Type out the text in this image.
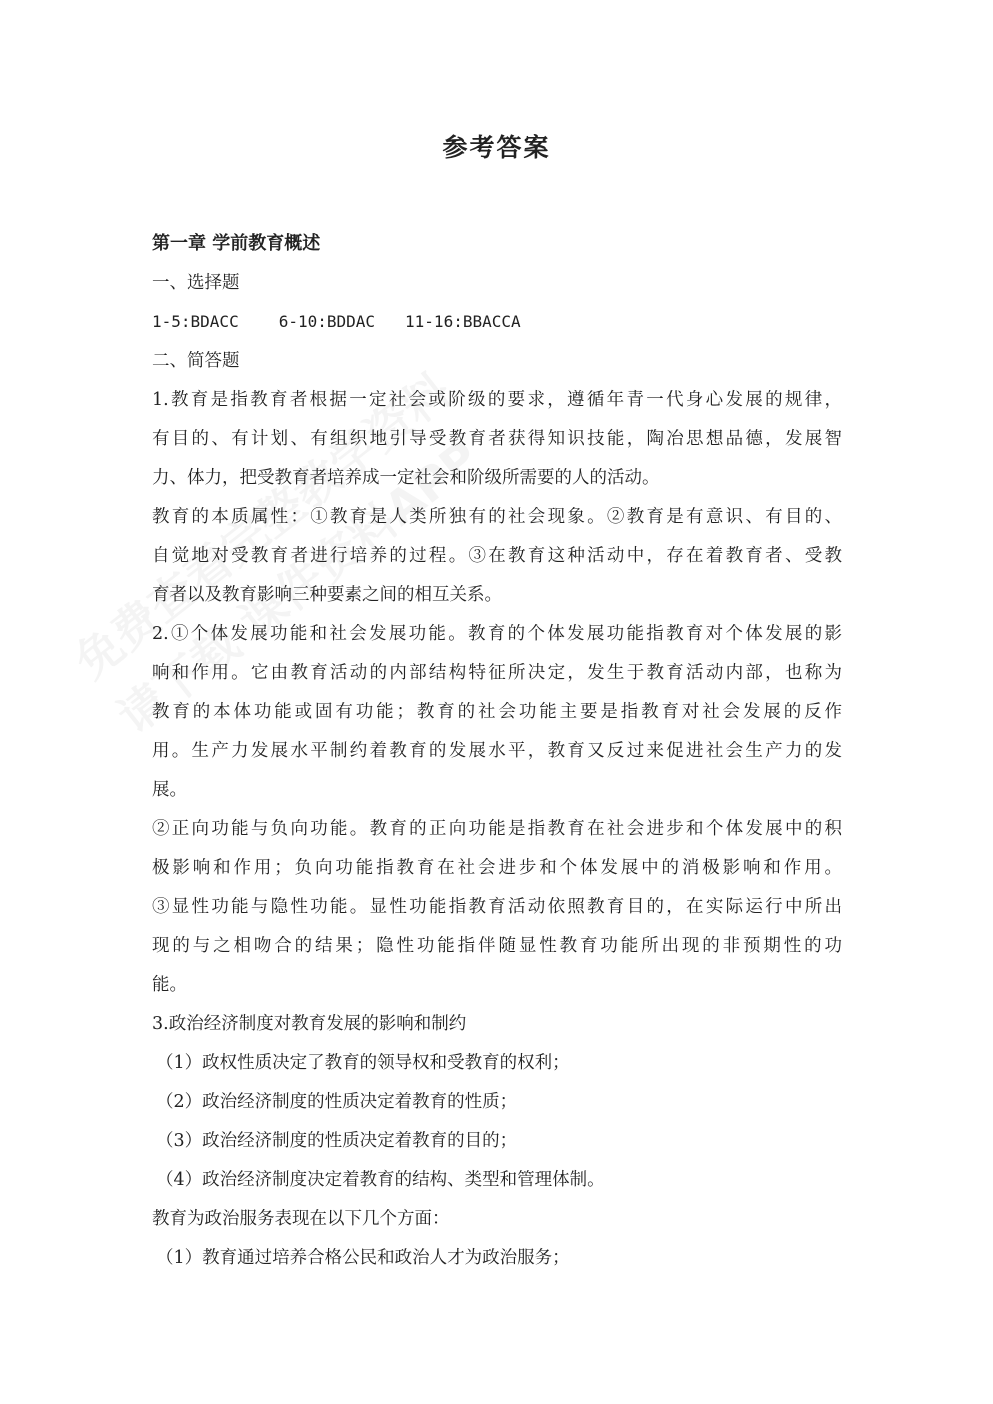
参考答案
第一章 学前教育概述
一、选择题
1-5:BDACC	6-10:BDDAC 11-16:BBACCA
二、简答题
1.教育是指教育者根据一定社会或阶级的要求，遵循年青一代身心发展的规律，
有目的、有计划、有组织地引导受教育者获得知识技能，陶冶思想品德，发展智
力、体力，把受教育者培养成一定社会和阶级所需要的人的活动。
教育的本质属性：①教育是人类所独有的社会现象。②教育是有意识、有目的、
自觉地对受教育者进行培养的过程。③在教育这种活动中，存在着教育者、受教
育者以及教育影响三种要素之间的相互关系。
2.①个体发展功能和社会发展功能。教育的个体发展功能指教育对个体发展的影
响和作用。它由教育活动的内部结构特征所决定，发生于教育活动内部，也称为
教育的本体功能或固有功能；教育的社会功能主要是指教育对社会发展的反作
用。生产力发展水平制约着教育的发展水平，教育又反过来促进社会生产力的发
展。
②正向功能与负向功能。教育的正向功能是指教育在社会进步和个体发展中的积
极影响和作用；负向功能指教育在社会进步和个体发展中的消极影响和作用。
③显性功能与隐性功能。显性功能指教育活动依照教育目的，在实际运行中所出
现的与之相吻合的结果；隐性功能指伴随显性教育功能所出现的非预期性的功
能。
3.政治经济制度对教育发展的影响和制约
（1）政权性质决定了教育的领导权和受教育的权利；
（2）政治经济制度的性质决定着教育的性质；
（3）政治经济制度的性质决定着教育的目的；
（4）政治经济制度决定着教育的结构、类型和管理体制。
教育为政治服务表现在以下几个方面：
（1）教育通过培养合格公民和政治人才为政治服务；
